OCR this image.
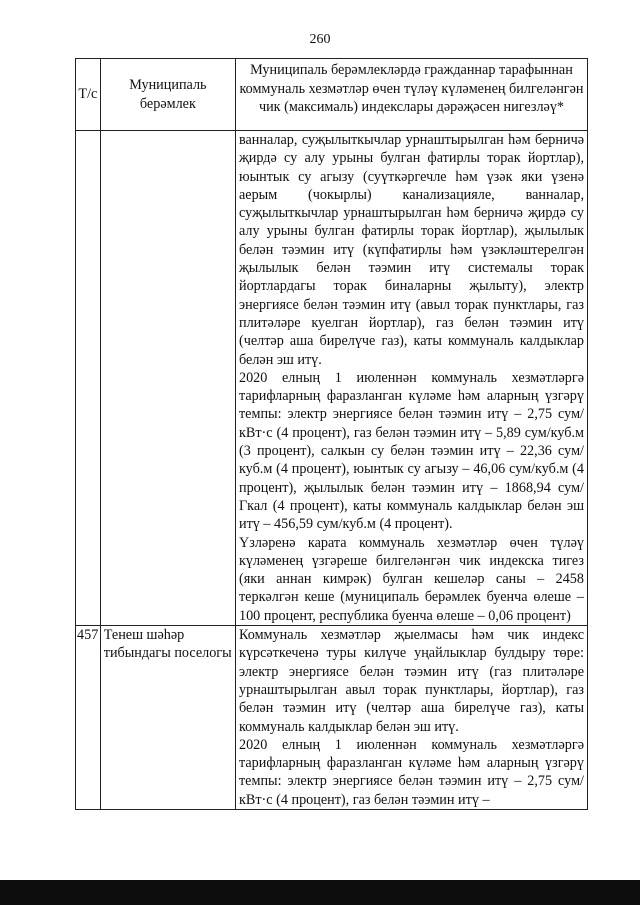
260
Т/с	Муниципаль берәмлек	Муниципаль берәмлекләрдә гражданнар тарафыннан коммуналь хезмәтләр өчен түләү күләменең билгеләнгән чик (максималь) индекслары дәрәҗәсен нигезләү*

		ванналар, суҗылыткычлар урнаштырылган һәм берничә җирдә су алу урыны булган фатирлы торак йортлар), юынтык су агызу (суүткәргечле һәм үзәк яки үзенә аерым (чокырлы) канализацияле, ванналар, суҗылыткычлар урнаштырылган һәм берничә җирдә су алу урыны булган фатирлы торак йортлар), җылылык белән тәэмин итү (күпфатирлы һәм үзәкләштерелгән җылылык белән тәэмин итү системалы торак йортлардагы торак биналарны җылыту), электр энергиясе белән тәэмин итү (авыл торак пунктлары, газ плитәләре куелган йортлар), газ белән тәэмин итү (челтәр аша бирелүче газ), каты коммуналь калдыклар белән эш итү.

2020 елның 1 июленнән коммуналь хезмәтләргә тарифларның фаразланган күләме һәм аларның үзгәрү темпы: электр энергиясе белән тәэмин итү – 2,75 сум/кВт·с (4 процент), газ белән тәэмин итү – 5,89 сум/куб.м (3 процент), салкын су белән тәэмин итү – 22,36 сум/куб.м (4 процент), юынтык су агызу – 46,06 сум/куб.м (4 процент), җылылык белән тәэмин итү – 1868,94 сум/Гкал (4 процент), каты коммуналь калдыклар белән эш итү – 456,59 сум/куб.м (4 процент).

Үзләренә карата коммуналь хезмәтләр өчен түләү күләменең үзгәреше билгеләнгән чик индекска тигез (яки аннан кимрәк) булган кешеләр саны – 2458 теркәлгән кеше (муниципаль берәмлек буенча өлеше – 100 процент, республика буенча өлеше – 0,06 процент)

457	Тенеш шәһәр тибындагы поселогы	Коммуналь хезмәтләр җыелмасы һәм чик индекс күрсәткеченә туры килүче уңайлыклар булдыру төре: электр энергиясе белән тәэмин итү (газ плитәләре урнаштырылган авыл торак пунктлары, йортлар), газ белән тәэмин итү (челтәр аша бирелүче газ), каты коммуналь калдыклар белән эш итү.

2020 елның 1 июленнән коммуналь хезмәтләргә тарифларның фаразланган күләме һәм аларның үзгәрү темпы: электр энергиясе белән тәэмин итү – 2,75 сум/кВт·с (4 процент), газ белән тәэмин итү –
